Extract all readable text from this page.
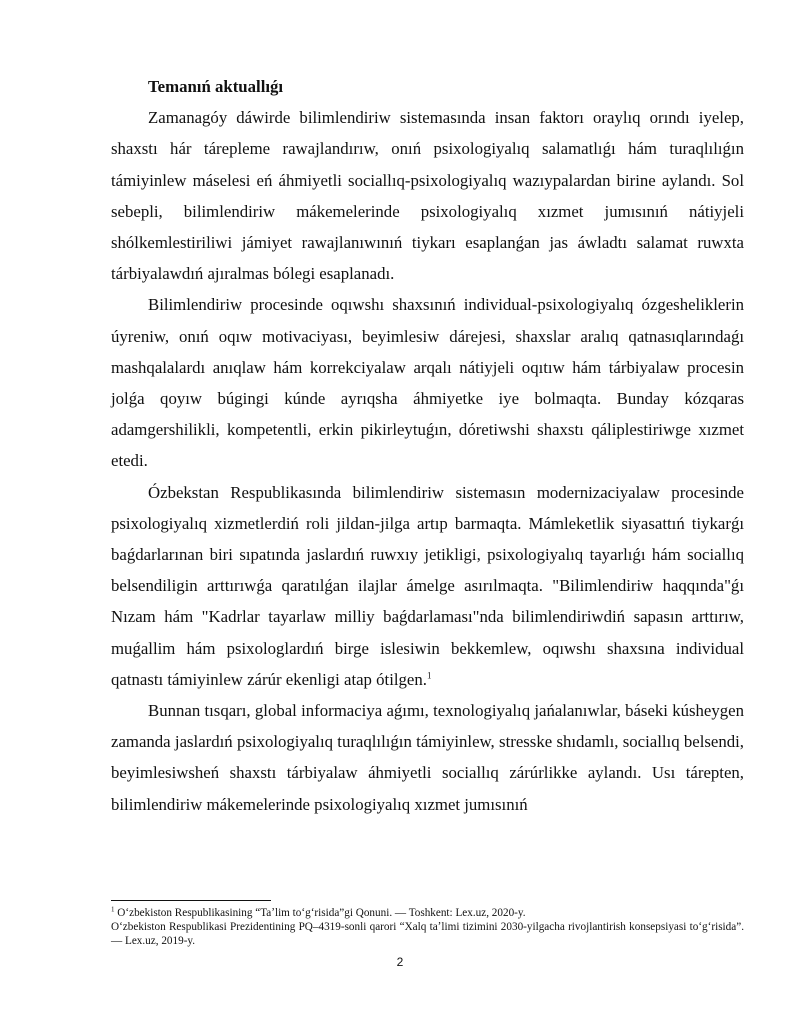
Temanıń aktuallıǵı

Zamanagóy dáwirde bilimlendiriw sistemasında insan faktorı oraylıq orındı iyelep, shaxstı hár tárepleme rawajlandırıw, onıń psixologiyalıq salamatlıǵı hám turaqlılıǵın támiyinlew máselesi eń áhmiyetli sociallıq-psixologiyalıq wazıypalardan birine aylandı. Sol sebepli, bilimlendiriw mákemelerinde psixologiyalıq xızmet jumısınıń nátiyjeli shólkemlestiriliwi jámiyet rawajlanıwınıń tiykarı esaplanǵan jas áwladtı salamat ruwxta tárbiyalawdıń ajıralmas bólegi esaplanadı.

Bilimlendiriw procesinde oqıwshı shaxsınıń individual-psixologiyalıq ózgesheliklerin úyreniw, onıń oqıw motivaciyası, beyimlesiw dárejesi, shaxslar aralıq qatnasıqlarındaǵı mashqalalardı anıqlaw hám korrekciyalaw arqalı nátiyjeli oqıtıw hám tárbiyalaw procesin jolǵa qoyıw búgingi kúnde ayrıqsha áhmiyetke iye bolmaqta. Bunday kózqaras adamgershilikli, kompetentli, erkin pikirleytuǵın, dóretiwshi shaxstı qáliplestiriwge xızmet etedi.

Ózbekstan Respublikasında bilimlendiriw sistemasın modernizaciyalaw procesinde psixologiyalıq xizmetlerdiń roli jildan-jilga artıp barmaqta. Mámleketlik siyasattıń tiykarǵı baǵdarlarınan biri sıpatında jaslardıń ruwxıy jetikligi, psixologiyalıq tayarlıǵı hám sociallıq belsendiligin arttırıwǵa qaratılǵan ilajlar ámelge asırılmaqta. "Bilimlendiriw haqqında"ǵı Nızam hám "Kadrlar tayarlaw milliy baǵdarlaması"nda bilimlendiriwdiń sapasın arttırıw, muǵallim hám psixologlardıń birge islesiwin bekkemlew, oqıwshı shaxsına individual qatnastı támiyinlew zárúr ekenligi atap ótilgen.$^1$

Bunnan tısqarı, global informaciya aǵımı, texnologiyalıq jańalanıwlar, báseki kúsheygen zamanda jaslardıń psixologiyalıq turaqlılıǵın támiyinlew, stresske shıdamlı, sociallıq belsendi, beyimlesiwsheń shaxstı tárbiyalaw áhmiyetli sociallıq zárúrlikke aylandı. Usı tárepten, bilimlendiriw mákemelerinde psixologiyalıq xızmet jumısınıń

$^1$ Oʻzbekiston Respublikasining “Taʼlim toʻgʻrisida”gi Qonuni. — Toshkent: Lex.uz, 2020-y.

Oʻzbekiston Respublikasi Prezidentining PQ–4319-sonli qarori “Xalq taʼlimi tizimini 2030-yilgacha rivojlantirish konsepsiyasi toʻgʻrisida”. — Lex.uz, 2019-y.

2
